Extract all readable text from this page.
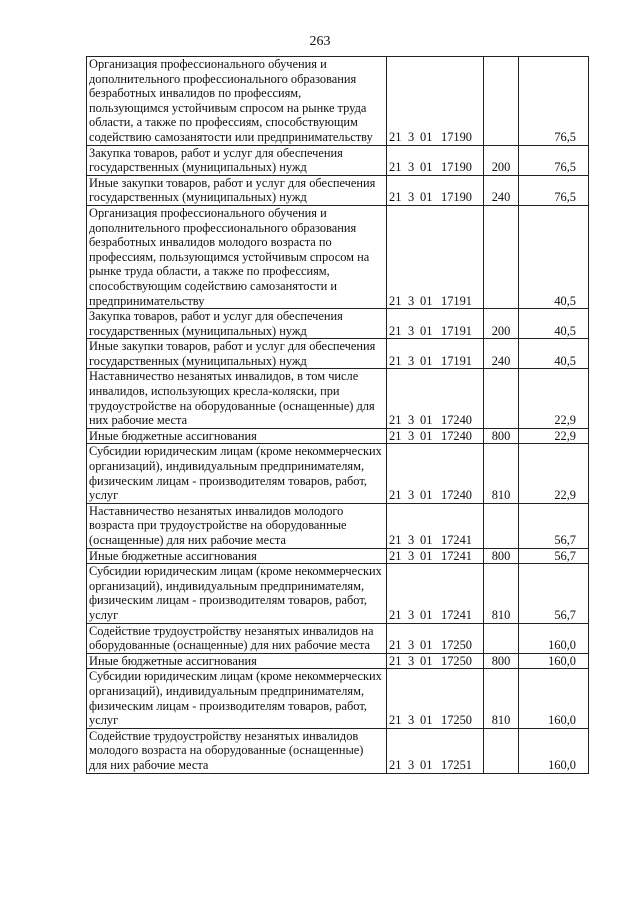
263
Организация профессионального обучения и дополнительного профессионального образования безработных инвалидов по профессиям, пользующимся устойчивым спросом на рынке труда области, а также по профессиям, способствующим содействию самозанятости или предпринимательству	21 3 01 17190		76,5
Закупка товаров, работ и услуг для обеспечения государственных (муниципальных) нужд	21 3 01 17190	200	76,5
Иные закупки товаров, работ и услуг для обеспечения государственных (муниципальных) нужд	21 3 01 17190	240	76,5
Организация профессионального обучения и дополнительного профессионального образования безработных инвалидов молодого возраста по профессиям, пользующимся устойчивым спросом на рынке труда области, а также по профессиям, способствующим содействию самозанятости и предпринимательству	21 3 01 17191		40,5
Закупка товаров, работ и услуг для обеспечения государственных (муниципальных) нужд	21 3 01 17191	200	40,5
Иные закупки товаров, работ и услуг для обеспечения государственных (муниципальных) нужд	21 3 01 17191	240	40,5
Наставничество незанятых инвалидов, в том числе инвалидов, использующих кресла-коляски, при трудоустройстве на оборудованные (оснащенные) для них рабочие места	21 3 01 17240		22,9
Иные бюджетные ассигнования	21 3 01 17240	800	22,9
Субсидии юридическим лицам (кроме некоммерческих организаций), индивидуальным предпринимателям, физическим лицам - производителям товаров, работ, услуг	21 3 01 17240	810	22,9
Наставничество незанятых инвалидов молодого возраста при трудоустройстве на оборудованные (оснащенные) для них рабочие места	21 3 01 17241		56,7
Иные бюджетные ассигнования	21 3 01 17241	800	56,7
Субсидии юридическим лицам (кроме некоммерческих организаций), индивидуальным предпринимателям, физическим лицам - производителям товаров, работ, услуг	21 3 01 17241	810	56,7
Содействие трудоустройству незанятых инвалидов на оборудованные (оснащенные) для них рабочие места	21 3 01 17250		160,0
Иные бюджетные ассигнования	21 3 01 17250	800	160,0
Субсидии юридическим лицам (кроме некоммерческих организаций), индивидуальным предпринимателям, физическим лицам - производителям товаров, работ, услуг	21 3 01 17250	810	160,0
Содействие трудоустройству незанятых инвалидов молодого возраста на оборудованные (оснащенные) для них рабочие места	21 3 01 17251		160,0
